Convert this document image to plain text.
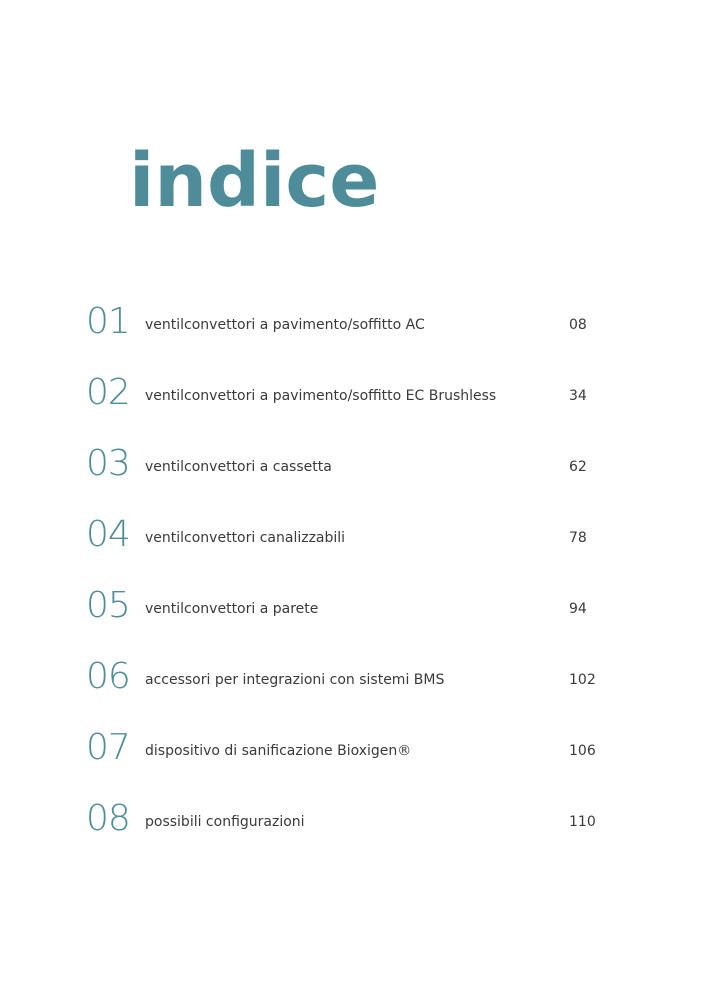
indice
01 ventilconvettori a pavimento/soffitto AC	08
02 ventilconvettori a pavimento/soffitto EC Brushless	34
03 ventilconvettori a cassetta	62
04 ventilconvettori canalizzabili	78
05 ventilconvettori a parete	94
06 accessori per integrazioni con sistemi BMS	102
07 dispositivo di sanificazione Bioxigen®	106
08 possibili configurazioni	110
